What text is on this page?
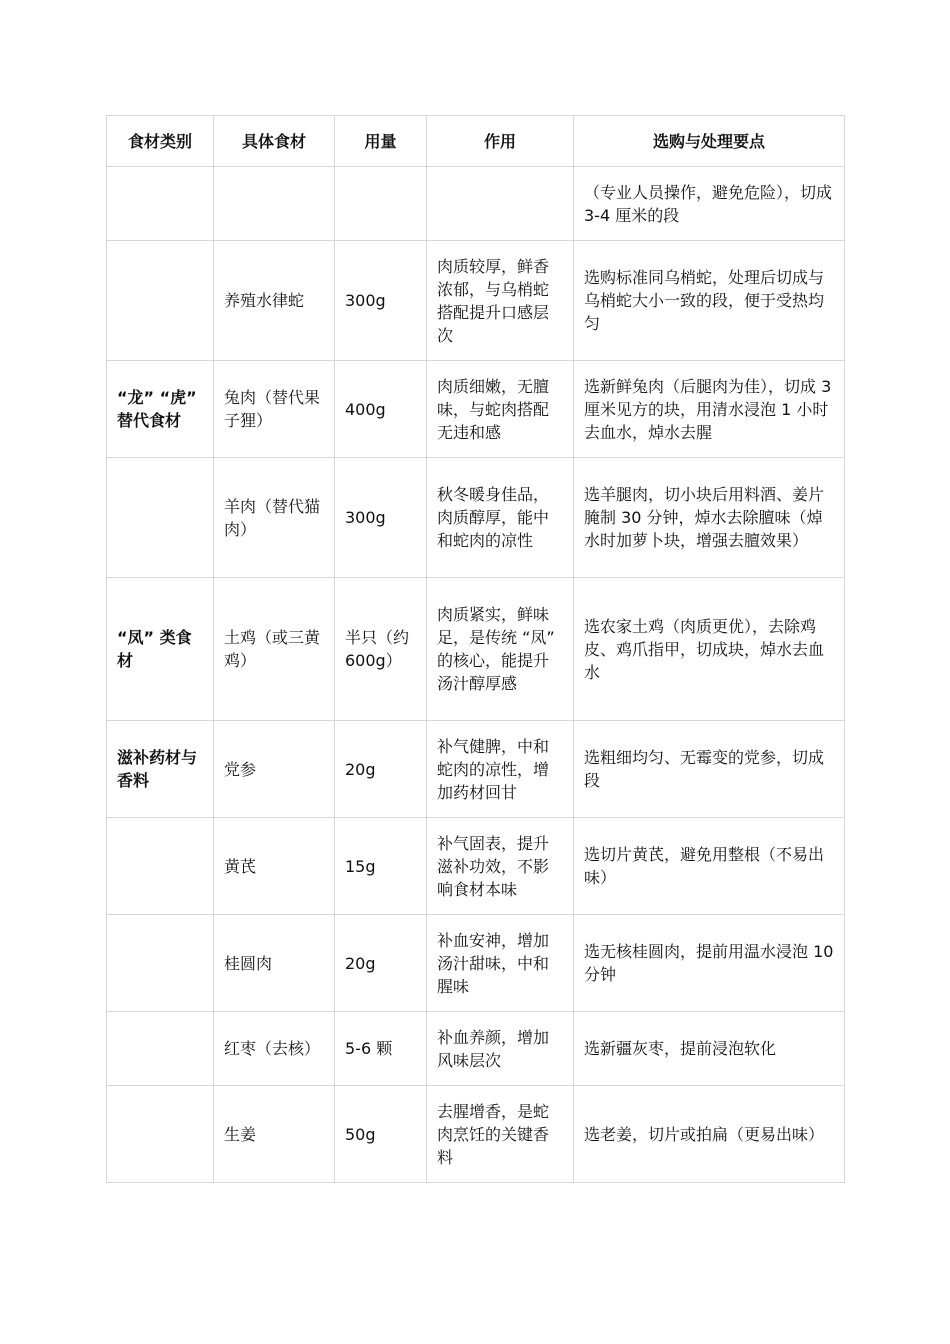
食材类别	具体食材	用量	作用	选购与处理要点
				（专业人员操作，避免危险），切成 3-4 厘米的段
	养殖水律蛇	300g	肉质较厚，鲜香浓郁，与乌梢蛇搭配提升口感层次	选购标准同乌梢蛇，处理后切成与乌梢蛇大小一致的段，便于受热均匀
“龙” “虎” 替代食材	兔肉（替代果子狸）	400g	肉质细嫩，无膻味，与蛇肉搭配无违和感	选新鲜兔肉（后腿肉为佳），切成 3 厘米见方的块，用清水浸泡 1 小时去血水，焯水去腥
	羊肉（替代猫肉）	300g	秋冬暖身佳品，肉质醇厚，能中和蛇肉的凉性	选羊腿肉，切小块后用料酒、姜片腌制 30 分钟，焯水去除膻味（焯水时加萝卜块，增强去膻效果）
“凤” 类食材	土鸡（或三黄鸡）	半只（约 600g）	肉质紧实，鲜味足，是传统 “凤” 的核心，能提升汤汁醇厚感	选农家土鸡（肉质更优），去除鸡皮、鸡爪指甲，切成块，焯水去血水
滋补药材与香料	党参	20g	补气健脾，中和蛇肉的凉性，增加药材回甘	选粗细均匀、无霉变的党参，切成段
	黄芪	15g	补气固表，提升滋补功效，不影响食材本味	选切片黄芪，避免用整根（不易出味）
	桂圆肉	20g	补血安神，增加汤汁甜味，中和腥味	选无核桂圆肉，提前用温水浸泡 10 分钟
	红枣（去核）	5-6 颗	补血养颜，增加风味层次	选新疆灰枣，提前浸泡软化
	生姜	50g	去腥增香，是蛇肉烹饪的关键香料	选老姜，切片或拍扁（更易出味）
